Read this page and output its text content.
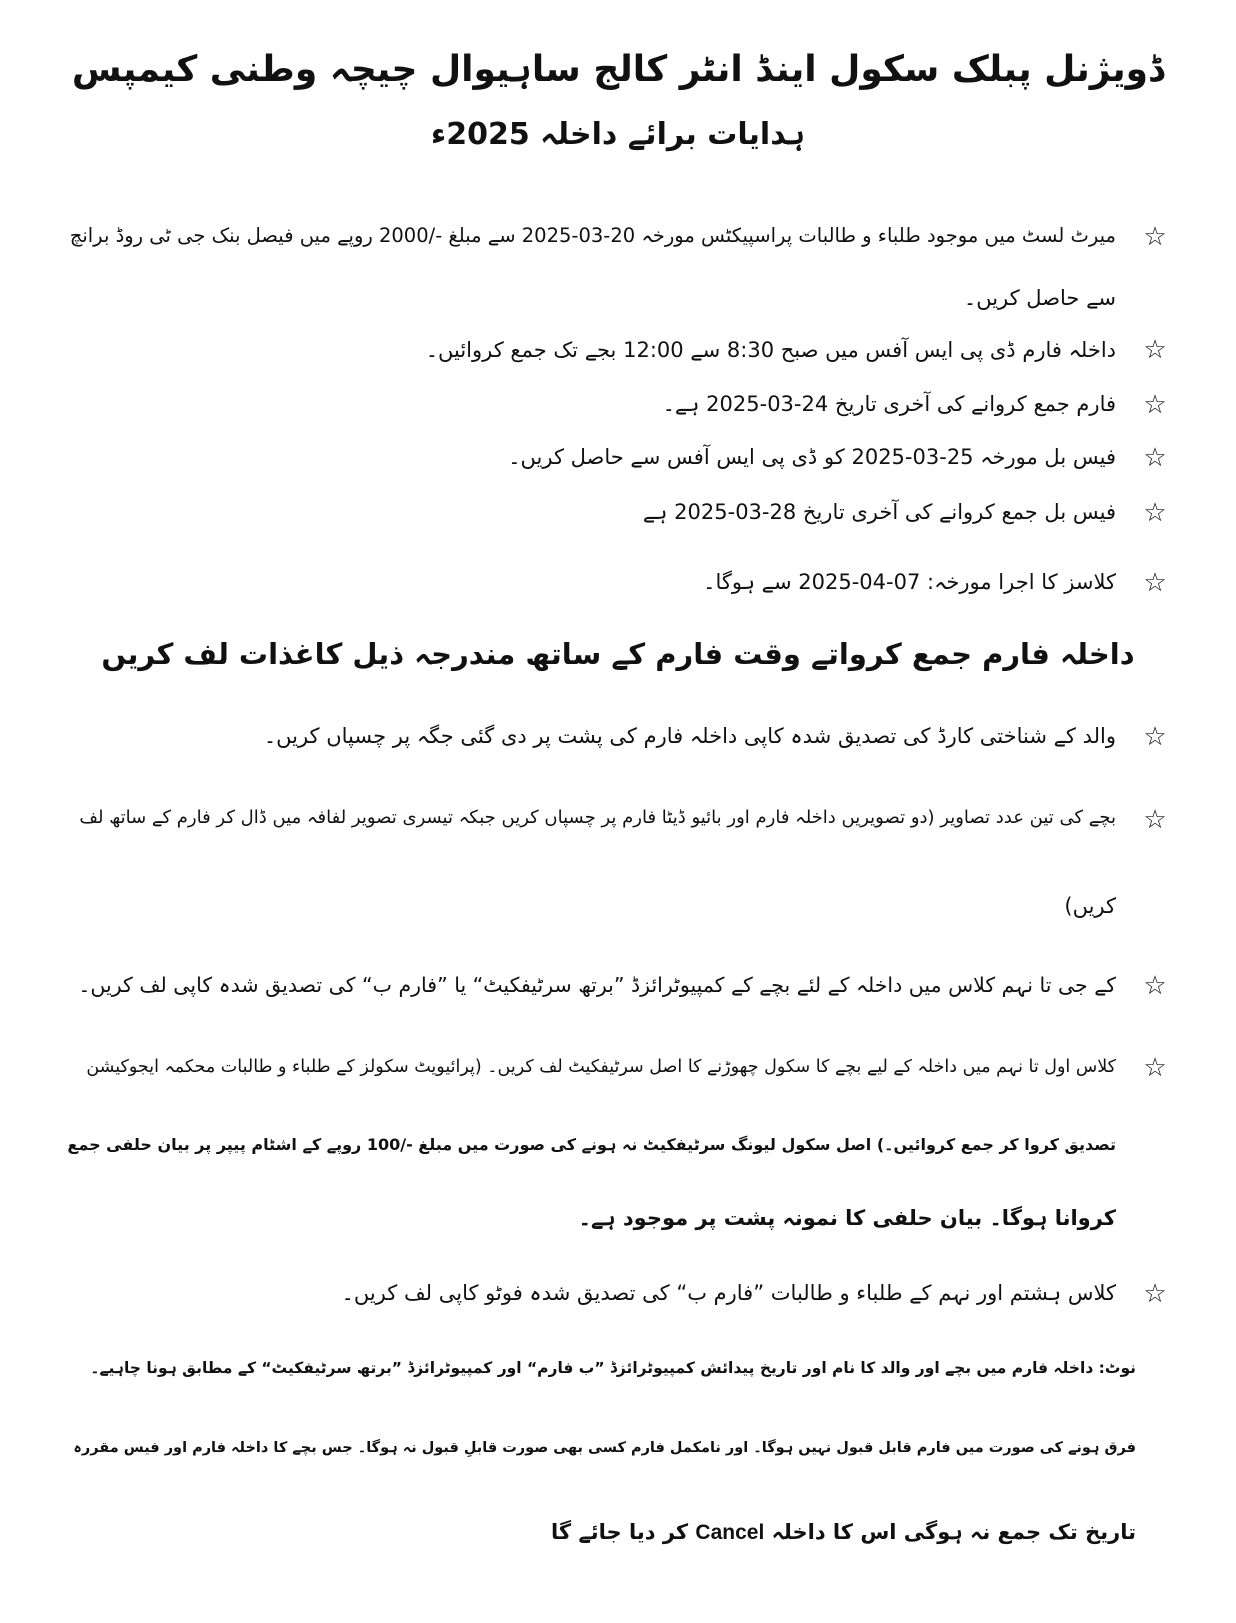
ڈویژنل پبلک سکول اینڈ انٹر کالج ساہیوال چیچہ وطنی کیمپس
ہدایات برائے داخلہ 2025ء
☆
میرٹ لسٹ میں موجود طلباء و طالبات پراسپیکٹس مورخہ 20-03-2025 سے مبلغ -/2000 روپے میں فیصل بنک جی ٹی روڈ برانچ
سے حاصل کریں۔
☆
داخلہ فارم ڈی پی ایس آفس میں صبح 8:30 سے 12:00 بجے تک جمع کروائیں۔
☆
فارم جمع کروانے کی آخری تاریخ 24-03-2025 ہے۔
☆
فیس بل مورخہ 25-03-2025 کو ڈی پی ایس آفس سے حاصل کریں۔
☆
فیس بل جمع کروانے کی آخری تاریخ 28-03-2025 ہے
☆
کلاسز کا اجرا مورخہ: 07-04-2025 سے ہوگا۔
داخلہ فارم جمع کرواتے وقت فارم کے ساتھ مندرجہ ذیل کاغذات لف کریں
☆
والد کے شناختی کارڈ کی تصدیق شدہ کاپی داخلہ فارم کی پشت پر دی گئی جگہ پر چسپاں کریں۔
☆
بچے کی تین عدد تصاویر (دو تصویریں داخلہ فارم اور بائیو ڈیٹا فارم پر چسپاں کریں جبکہ تیسری تصویر لفافہ میں ڈال کر فارم کے ساتھ لف
کریں)
☆
کے جی تا نہم کلاس میں داخلہ کے لئے بچے کے کمپیوٹرائزڈ ”برتھ سرٹیفکیٹ“ یا ”فارم ب“ کی تصدیق شدہ کاپی لف کریں۔
☆
کلاس اول تا نہم میں داخلہ کے لیے بچے کا سکول چھوڑنے کا اصل سرٹیفکیٹ لف کریں۔ (پرائیویٹ سکولز کے طلباء و طالبات محکمہ ایجوکیشن
تصدیق کروا کر جمع کروائیں۔) اصل سکول لیونگ سرٹیفکیٹ نہ ہونے کی صورت میں مبلغ -/100 روپے کے اشٹام پیپر پر بیان حلفی جمع
کروانا ہوگا۔ بیان حلفی کا نمونہ پشت پر موجود ہے۔
☆
کلاس ہشتم اور نہم کے طلباء و طالبات ”فارم ب“ کی تصدیق شدہ فوٹو کاپی لف کریں۔
نوٹ: داخلہ فارم میں بچے اور والد کا نام اور تاریخ پیدائش کمپیوٹرائزڈ ”ب فارم“ اور کمپیوٹرائزڈ ”برتھ سرٹیفکیٹ“ کے مطابق ہونا چاہیے۔
فرق ہونے کی صورت میں فارم قابل قبول نہیں ہوگا۔ اور نامکمل فارم کسی بھی صورت قابلِ قبول نہ ہوگا۔ جس بچے کا داخلہ فارم اور فیس مقررہ
تاریخ تک جمع نہ ہوگی اس کا داخلہ Cancel کر دیا جائے گا
